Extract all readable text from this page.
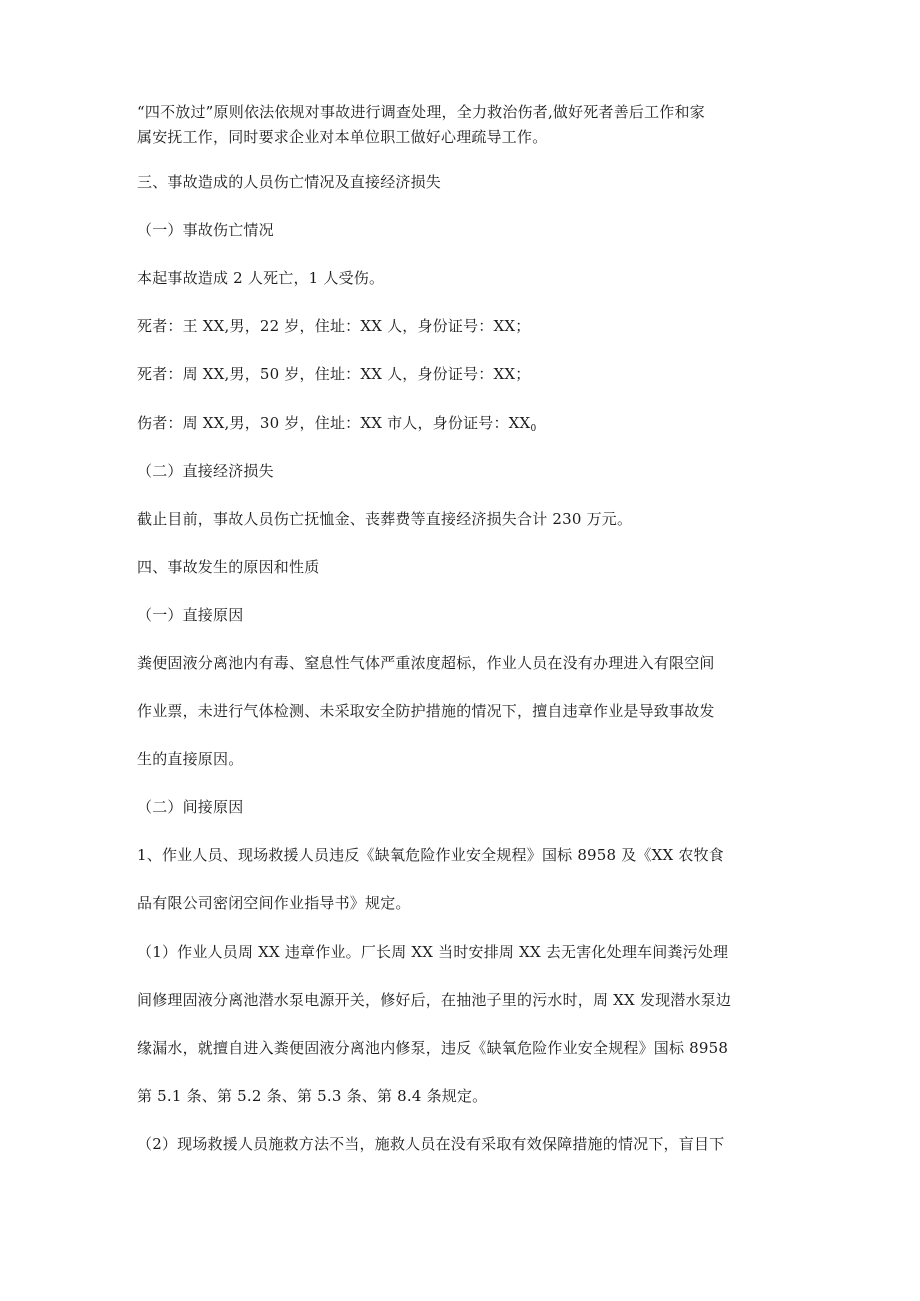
“四不放过”原则依法依规对事故进行调查处理，全力救治伤者,做好死者善后工作和家
属安抚工作，同时要求企业对本单位职工做好心理疏导工作。
三、事故造成的人员伤亡情况及直接经济损失
（一）事故伤亡情况
本起事故造成 2 人死亡，1 人受伤。
死者：王 XX,男，22 岁，住址：XX 人，身份证号：XX；
死者：周 XX,男，50 岁，住址：XX 人，身份证号：XX；
伤者：周 XX,男，30 岁，住址：XX 市人，身份证号：$XX_0$
（二）直接经济损失
截止目前，事故人员伤亡抚恤金、丧葬费等直接经济损失合计 230 万元。
四、事故发生的原因和性质
（一）直接原因
粪便固液分离池内有毒、窒息性气体严重浓度超标，作业人员在没有办理进入有限空间
作业票，未进行气体检测、未采取安全防护措施的情况下，擅自违章作业是导致事故发
生的直接原因。
（二）间接原因
1、作业人员、现场救援人员违反《缺氧危险作业安全规程》国标 8958 及《XX 农牧食
品有限公司密闭空间作业指导书》规定。
（1）作业人员周 XX 违章作业。厂长周 XX 当时安排周 XX 去无害化处理车间粪污处理
间修理固液分离池潜水泵电源开关，修好后，在抽池子里的污水时，周 XX 发现潜水泵边
缘漏水，就擅自进入粪便固液分离池内修泵，违反《缺氧危险作业安全规程》国标 8958
第 5.1 条、第 5.2 条、第 5.3 条、第 8.4 条规定。
（2）现场救援人员施救方法不当，施救人员在没有采取有效保障措施的情况下，盲目下
